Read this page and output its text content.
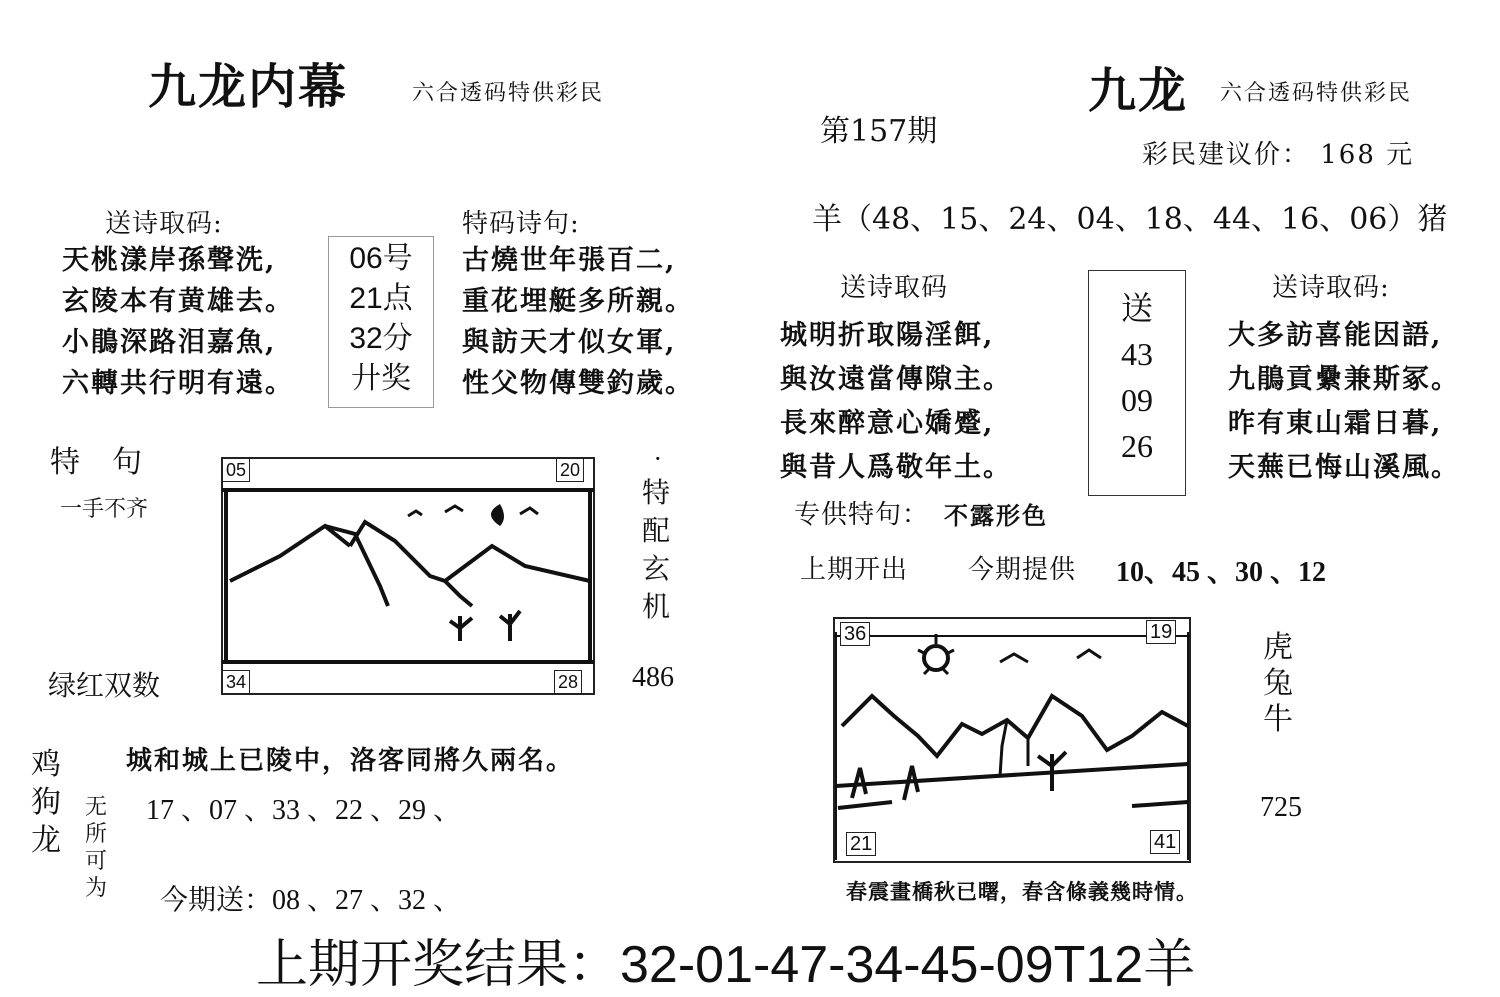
九龙内幕	六合透码特供彩民
送诗取码:
天桃漾岸孫聲洗,
玄陵本有黄雄去。
小鵑深路泪嘉魚,
六轉共行明有遠。
06号
21点
32分
廾奖
特码诗句:
古燒世年張百二,
重花埋艇多所親。
與訪天才似女軍,
性父物傳雙釣歲。
特　句
一手不齐
绿红双数
05	20
34	28
·
特
配
玄
机
486
鸡
狗
龙
无
所
可
为
城和城上已陵中，洛客同將久兩名。
17 、07 、33 、22 、29 、
今期送：08 、27 、32 、
第157期
九龙 六合透码特供彩民
彩民建议价： 168 元
羊（48、15、24、04、18、44、16、06）猪
送诗取码
城明折取陽淫餌,
與汝遠當傳隙主。
長來醉意心嬌蹙,
與昔人爲敬年土。
送
43
09
26
送诗取码:
大多訪喜能因語,
九鵑貢纍兼斯冢。
昨有東山霜日暮,
天蕪已悔山溪風。
专供特句： 不露形色
上期开出 今期提供 10、45 、30 、12
36	19
21	41
虎
兔
牛
725
春震畫橋秋已曙，春含條義幾時情。
上期开奖结果：32-01-47-34-45-09T12羊
